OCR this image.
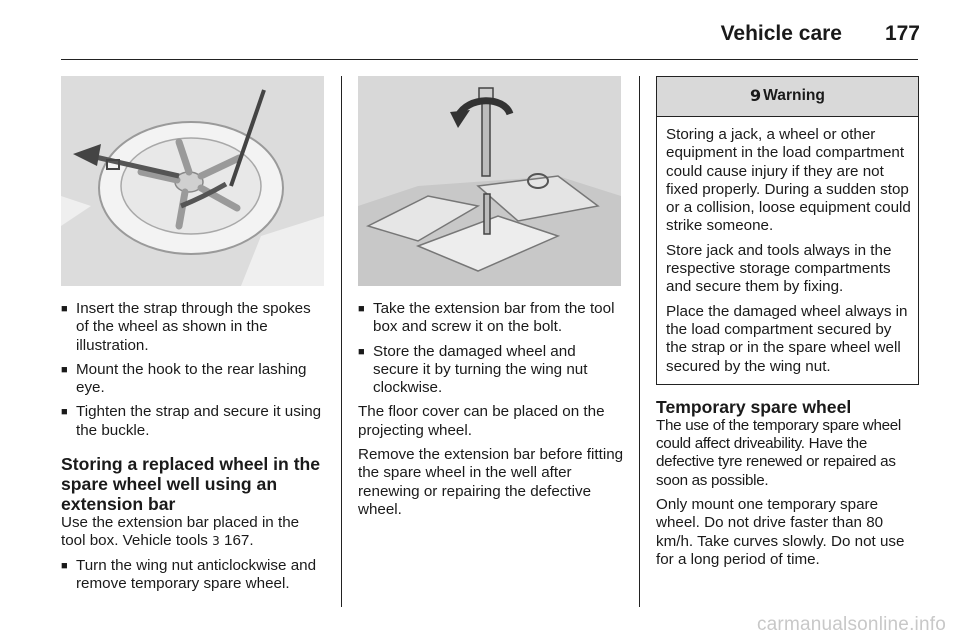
Vehicle care 177
■ Insert the strap through the spokes of the wheel as shown in the illustration.
■ Mount the hook to the rear lashing eye.
■ Tighten the strap and secure it using the buckle.
Storing a replaced wheel in the spare wheel well using an extension bar

Use the extension bar placed in the tool box. Vehicle tools 3 167.

■ Turn the wing nut anticlockwise and remove temporary spare wheel.
■ Take the extension bar from the tool box and screw it on the bolt.
■ Store the damaged wheel and secure it by turning the wing nut clockwise.

The floor cover can be placed on the projecting wheel.

Remove the extension bar before fitting the spare wheel in the well after renewing or repairing the defective wheel.

9 Warning

Storing a jack, a wheel or other equipment in the load compartment could cause injury if they are not fixed properly. During a sudden stop or a collision, loose equipment could strike someone.

Store jack and tools always in the respective storage compartments and secure them by fixing.

Place the damaged wheel always in the load compartment secured by the strap or in the spare wheel well secured by the wing nut.

Temporary spare wheel

The use of the temporary spare wheel could affect driveability. Have the defective tyre renewed or repaired as soon as possible.

Only mount one temporary spare wheel. Do not drive faster than 80 km/h. Take curves slowly. Do not use for a long period of time.

carmanualsonline.info
